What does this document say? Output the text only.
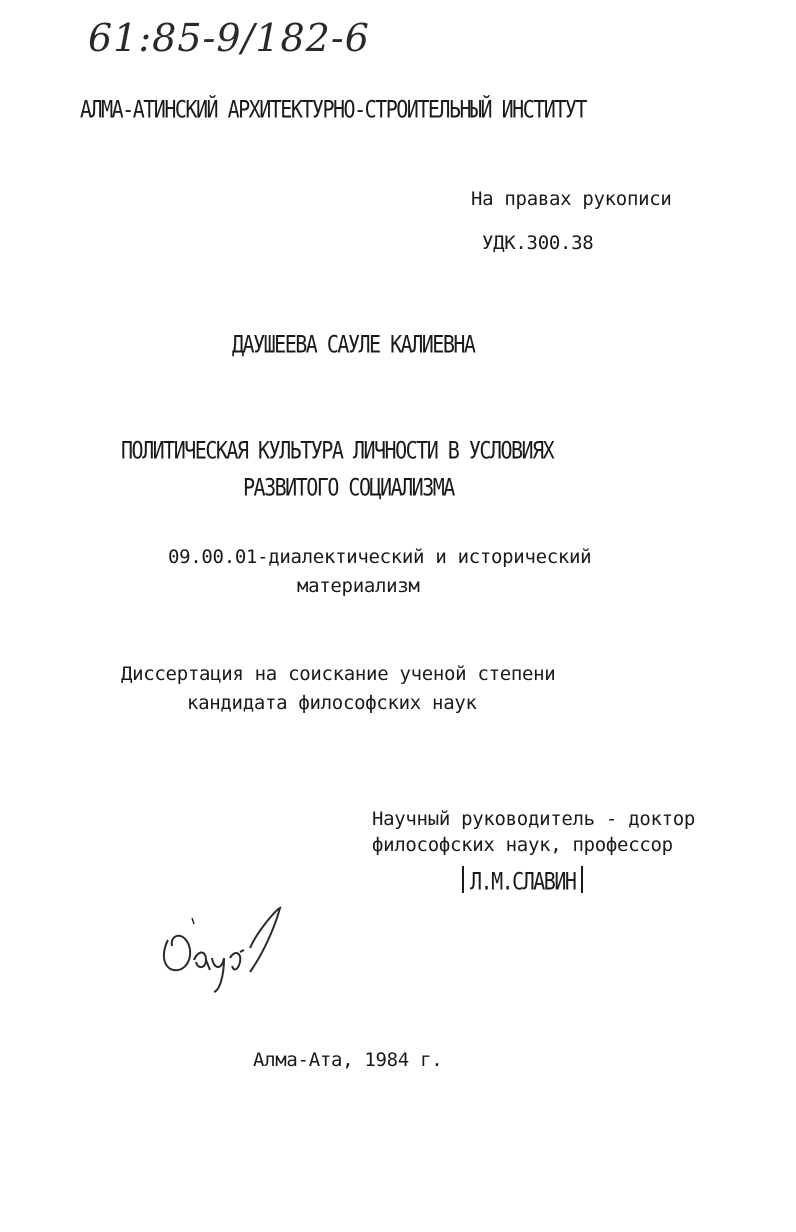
61:85-9/182-6
АЛМА-АТИНСКИЙ АРХИТЕКТУРНО-СТРОИТЕЛЬНЫЙ ИНСТИТУТ
На правах рукописи
УДК.300.38
ДАУШЕЕВА САУЛЕ КАЛИЕВНА
ПОЛИТИЧЕСКАЯ КУЛЬТУРА ЛИЧНОСТИ В УСЛОВИЯХ
РАЗВИТОГО СОЦИАЛИЗМА
09.00.01-диалектический и исторический
материализм
Диссертация на соискание ученой степени
кандидата философских наук
Научный руководитель - доктор
философских наук, профессор
Л.М.СЛАВИН
Алма-Ата, 1984 г.
